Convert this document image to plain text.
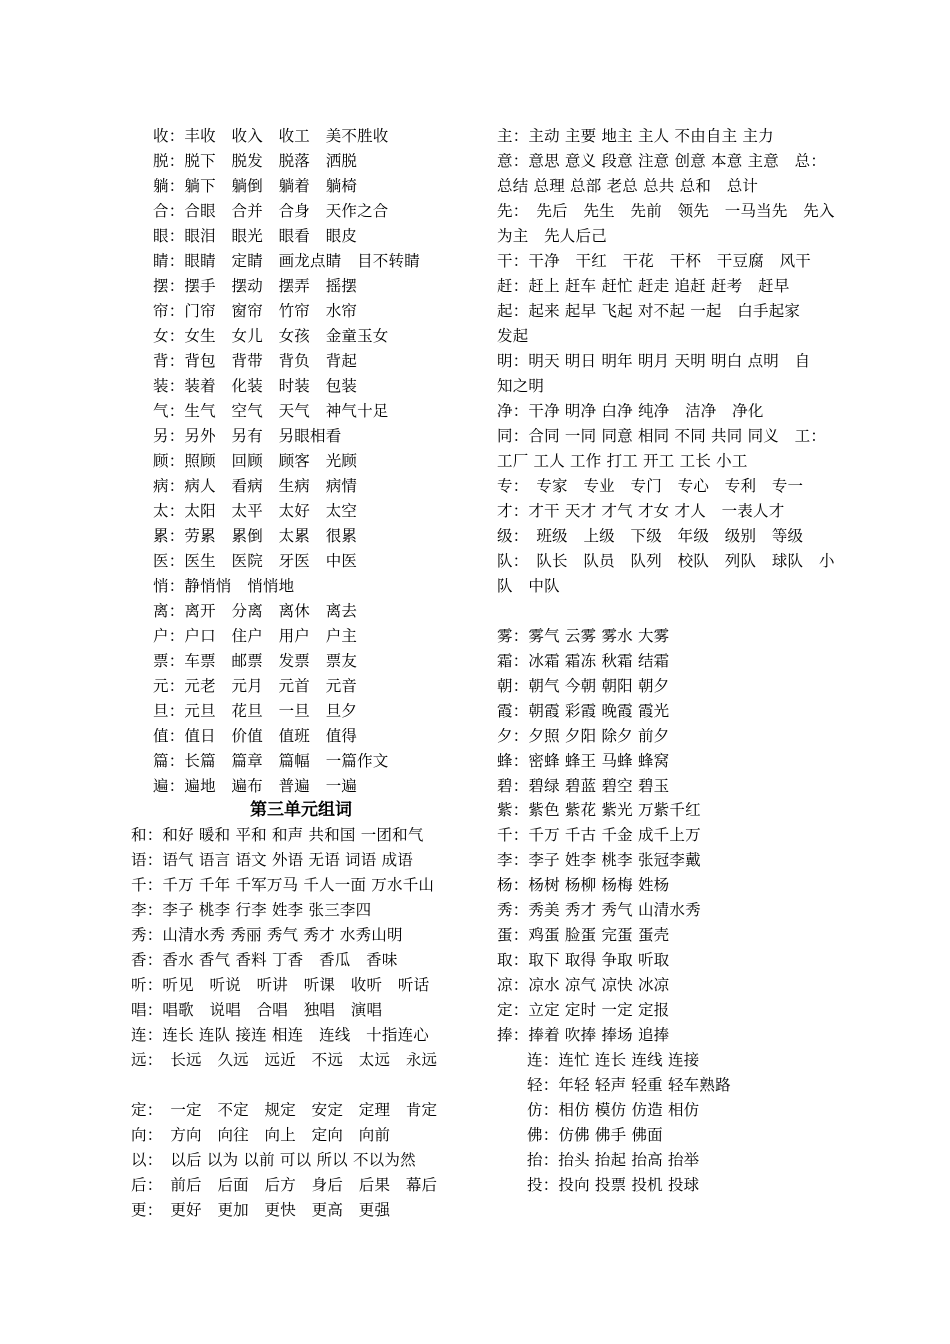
收：丰收　收入　收工　美不胜收
脱：脱下　脱发　脱落　洒脱
躺：躺下　躺倒　躺着　躺椅
合：合眼　合并　合身　天作之合
眼：眼泪　眼光　眼看　眼皮
睛：眼睛　定睛　画龙点睛　目不转睛
摆：摆手　摆动　摆弄　摇摆
帘：门帘　窗帘　竹帘　水帘
女：女生　女儿　女孩　金童玉女
背：背包　背带　背负　背起
装：装着　化装　时装　包装
气：生气　空气　天气　神气十足
另：另外　另有　另眼相看
顾：照顾　回顾　顾客　光顾
病：病人　看病　生病　病情
太：太阳　太平　太好　太空
累：劳累　累倒　太累　很累
医：医生　医院　牙医　中医
悄：静悄悄　悄悄地
离：离开　分离　离休　离去
户：户口　住户　用户　户主
票：车票　邮票　发票　票友
元：元老　元月　元首　元音
旦：元旦　花旦　一旦　旦夕
值：值日　价值　值班　值得
篇：长篇　篇章　篇幅　一篇作文
遍：遍地　遍布　普遍　一遍
第三单元组词
和：和好 暖和 平和 和声 共和国 一团和气
语：语气 语言 语文 外语 无语 词语 成语
千：千万 千年 千军万马 千人一面 万水千山
李：李子 桃李 行李 姓李 张三李四
秀：山清水秀 秀丽 秀气 秀才 水秀山明
香：香水 香气 香料 丁香　香瓜　香味
听：听见　听说　听讲　听课　收听　听话
唱：唱歌　说唱　合唱　独唱　演唱
连：连长 连队 接连 相连　连线　十指连心
远：　长远　久远　远近　不远　太远　永远
定：　一定　不定　规定　安定　定理　肯定
向：　方向　向往　向上　定向　向前
以：　以后 以为 以前 可以 所以 不以为然
后：　前后　后面　后方　身后　后果　幕后
更：　更好　更加　更快　更高　更强
主：主动 主要 地主 主人 不由自主 主力
意：意思 意义 段意 注意 创意 本意 主意　总：
总结 总理 总部 老总 总共 总和　总计
先：　先后　先生　先前　领先　一马当先　先入
为主　先人后己
干：干净　干红　干花　干杯　干豆腐　风干
赶：赶上 赶车 赶忙 赶走 追赶 赶考　赶早
起：起来 起早 飞起 对不起 一起　白手起家
发起
明：明天 明日 明年 明月 天明 明白 点明　自
知之明
净：干净 明净 白净 纯净　洁净　净化
同：合同 一同 同意 相同 不同 共同 同义　工：
工厂 工人 工作 打工 开工 工长 小工
专：　专家　专业　专门　专心　专利　专一
才：才干 天才 才气 才女 才人　一表人才
级：　班级　上级　下级　年级　级别　等级
队：　队长　队员　队列　校队　列队　球队　小
队　中队
雾：雾气 云雾 雾水 大雾
霜：冰霜 霜冻 秋霜 结霜
朝：朝气 今朝 朝阳 朝夕
霞：朝霞 彩霞 晚霞 霞光
夕：夕照 夕阳 除夕 前夕
蜂：密蜂 蜂王 马蜂 蜂窝
碧：碧绿 碧蓝 碧空 碧玉
紫：紫色 紫花 紫光 万紫千红
千：千万 千古 千金 成千上万
李：李子 姓李 桃李 张冠李戴
杨：杨树 杨柳 杨梅 姓杨
秀：秀美 秀才 秀气 山清水秀
蛋：鸡蛋 脸蛋 完蛋 蛋壳
取：取下 取得 争取 听取
凉：凉水 凉气 凉快 冰凉
定：立定 定时 一定 定报
捧：捧着 吹捧 捧场 追捧
连：连忙 连长 连线 连接
轻：年轻 轻声 轻重 轻车熟路
仿：相仿 模仿 仿造 相仿
佛：仿佛 佛手 佛面
抬：抬头 抬起 抬高 抬举
投：投向 投票 投机 投球
